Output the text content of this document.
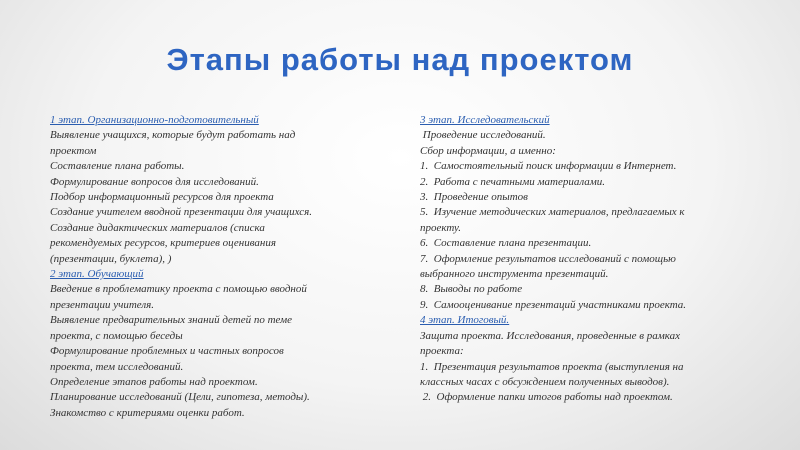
Этапы работы над проектом
1 этап. Организационно-подготовительный
Выявление учащихся, которые будут работать над
проектом
Составление плана работы.
Формулирование вопросов для исследований.
Подбор информационный ресурсов для проекта
Создание учителем вводной презентации для учащихся.
Создание дидактических материалов (списка
рекомендуемых ресурсов, критериев оценивания
(презентации, буклета), )
2 этап. Обучающий
Введение в проблематику проекта с помощью вводной
презентации учителя.
Выявление предварительных знаний детей по теме
проекта, с помощью беседы
Формулирование проблемных и частных вопросов
проекта, тем исследований.
Определение этапов работы над проектом.
Планирование исследований (Цели, гипотеза, методы).
Знакомство с критериями оценки работ.
3 этап. Исследовательский
Проведение исследований.
Сбор информации, а именно:
1.  Самостоятельный поиск информации в Интернет.
2.  Работа с печатными материалами.
3.  Проведение опытов
5.  Изучение методических материалов, предлагаемых к
проекту.
6.  Составление плана презентации.
7.  Оформление результатов исследований с помощью
выбранного инструмента презентаций.
8.  Выводы по работе
9.  Самооценивание презентаций участниками проекта.
4 этап. Итоговый.
Защита проекта. Исследования, проведенные в рамках
проекта:
1.  Презентация результатов проекта (выступления на
классных часах с обсуждением полученных выводов).
2.  Оформление папки итогов работы над проектом.
